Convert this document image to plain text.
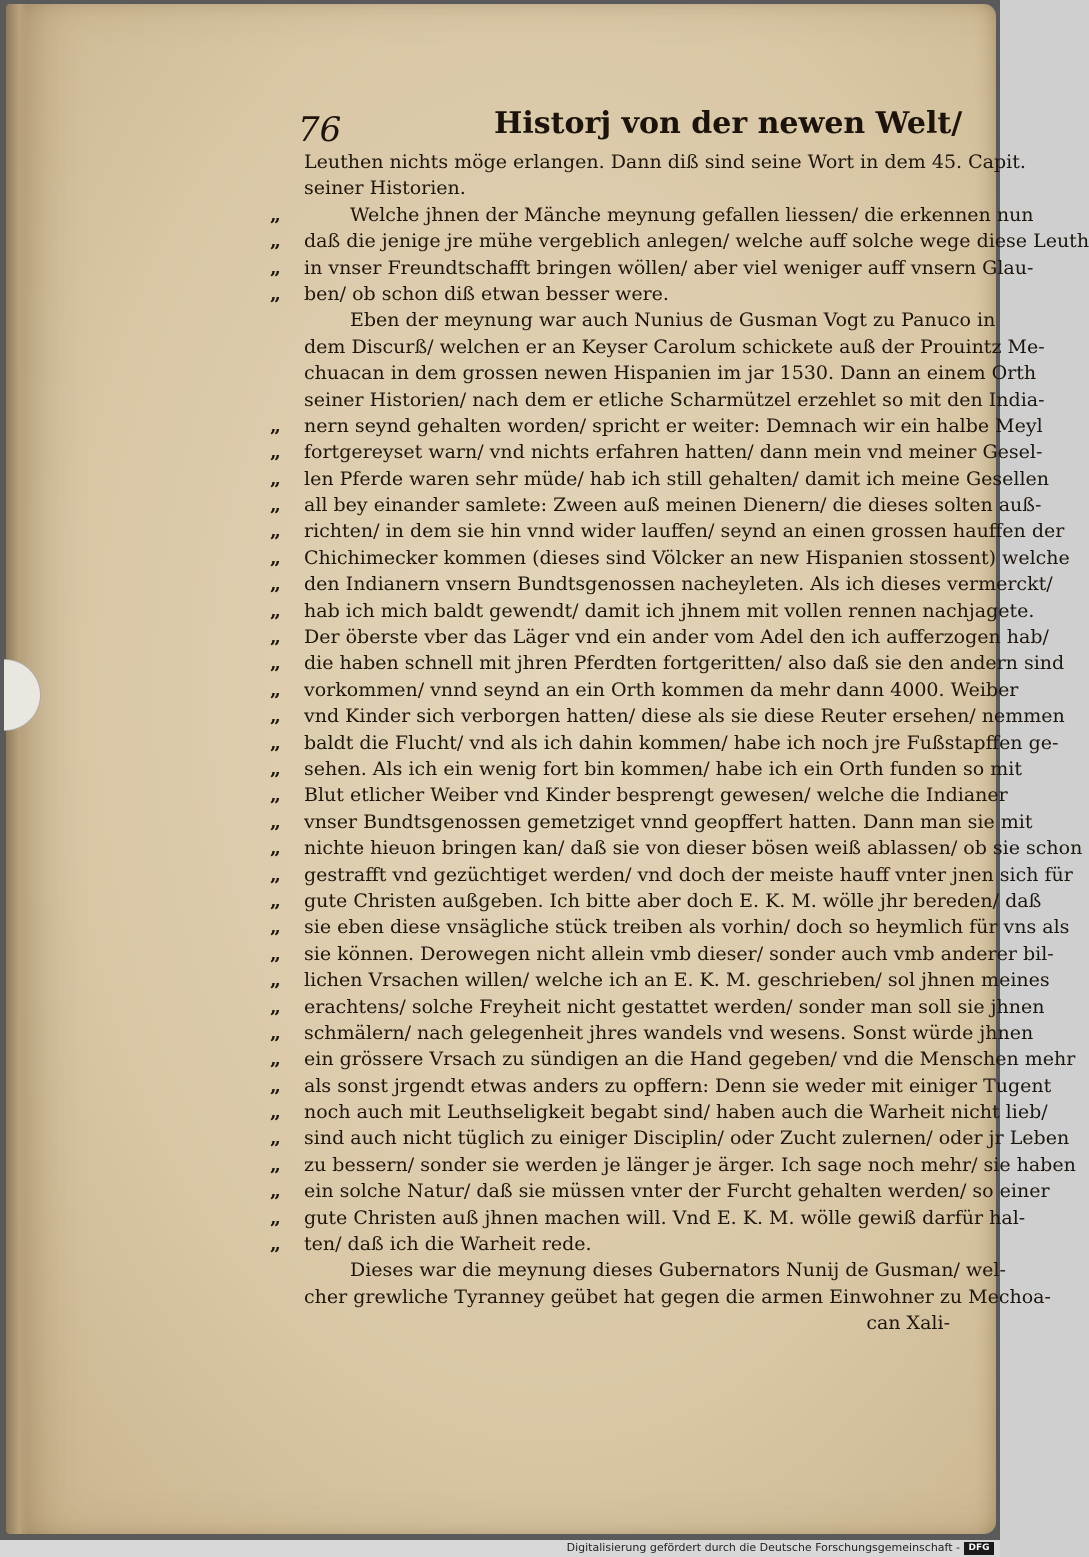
76	Historj von der newen Welt/
Leuthen nichts möge erlangen. Dann diß sind seine Wort in dem 45. Capit.
seiner Historien.
„	Welche jhnen der Mänche meynung gefallen liessen/ die erkennen nun
„	daß die jenige jre mühe vergeblich anlegen/ welche auff solche wege diese Leuth
„	in vnser Freundtschafft bringen wöllen/ aber viel weniger auff vnsern Glau-
„	ben/ ob schon diß etwan besser were.
Eben der meynung war auch Nunius de Gusman Vogt zu Panuco in
dem Discurß/ welchen er an Keyser Carolum schickete auß der Prouintz Me-
chuacan in dem grossen newen Hispanien im jar 1530. Dann an einem Orth
seiner Historien/ nach dem er etliche Scharmützel erzehlet so mit den India-
„	nern seynd gehalten worden/ spricht er weiter: Demnach wir ein halbe Meyl
„	fortgereyset warn/ vnd nichts erfahren hatten/ dann mein vnd meiner Gesel-
„	len Pferde waren sehr müde/ hab ich still gehalten/ damit ich meine Gesellen
„	all bey einander samlete: Zween auß meinen Dienern/ die dieses solten auß-
„	richten/ in dem sie hin vnnd wider lauffen/ seynd an einen grossen hauffen der
„	Chichimecker kommen (dieses sind Völcker an new Hispanien stossent) welche
„	den Indianern vnsern Bundtsgenossen nacheyleten. Als ich dieses vermerckt/
„	hab ich mich baldt gewendt/ damit ich jhnem mit vollen rennen nachjagete.
„	Der öberste vber das Läger vnd ein ander vom Adel den ich aufferzogen hab/
„	die haben schnell mit jhren Pferdten fortgeritten/ also daß sie den andern sind
„	vorkommen/ vnnd seynd an ein Orth kommen da mehr dann 4000. Weiber
„	vnd Kinder sich verborgen hatten/ diese als sie diese Reuter ersehen/ nemmen
„	baldt die Flucht/ vnd als ich dahin kommen/ habe ich noch jre Fußstapffen ge-
„	sehen. Als ich ein wenig fort bin kommen/ habe ich ein Orth funden so mit
„	Blut etlicher Weiber vnd Kinder besprengt gewesen/ welche die Indianer
„	vnser Bundtsgenossen gemetziget vnnd geopffert hatten. Dann man sie mit
„	nichte hieuon bringen kan/ daß sie von dieser bösen weiß ablassen/ ob sie schon
„	gestrafft vnd gezüchtiget werden/ vnd doch der meiste hauff vnter jnen sich für
„	gute Christen außgeben. Ich bitte aber doch E. K. M. wölle jhr bereden/ daß
„	sie eben diese vnsägliche stück treiben als vorhin/ doch so heymlich für vns als
„	sie können. Derowegen nicht allein vmb dieser/ sonder auch vmb anderer bil-
„	lichen Vrsachen willen/ welche ich an E. K. M. geschrieben/ sol jhnen meines
„	erachtens/ solche Freyheit nicht gestattet werden/ sonder man soll sie jhnen
„	schmälern/ nach gelegenheit jhres wandels vnd wesens. Sonst würde jhnen
„	ein grössere Vrsach zu sündigen an die Hand gegeben/ vnd die Menschen mehr
„	als sonst jrgendt etwas anders zu opffern: Denn sie weder mit einiger Tugent
„	noch auch mit Leuthseligkeit begabt sind/ haben auch die Warheit nicht lieb/
„	sind auch nicht tüglich zu einiger Disciplin/ oder Zucht zulernen/ oder jr Leben
„	zu bessern/ sonder sie werden je länger je ärger. Ich sage noch mehr/ sie haben
„	ein solche Natur/ daß sie müssen vnter der Furcht gehalten werden/ so einer
„	gute Christen auß jhnen machen will. Vnd E. K. M. wölle gewiß darfür hal-
„	ten/ daß ich die Warheit rede.
Dieses war die meynung dieses Gubernators Nunij de Gusman/ wel-
cher grewliche Tyranney geübet hat gegen die armen Einwohner zu Mechoa-
can Xali-
Digitalisierung gefördert durch die Deutsche Forschungsgemeinschaft - DFG
